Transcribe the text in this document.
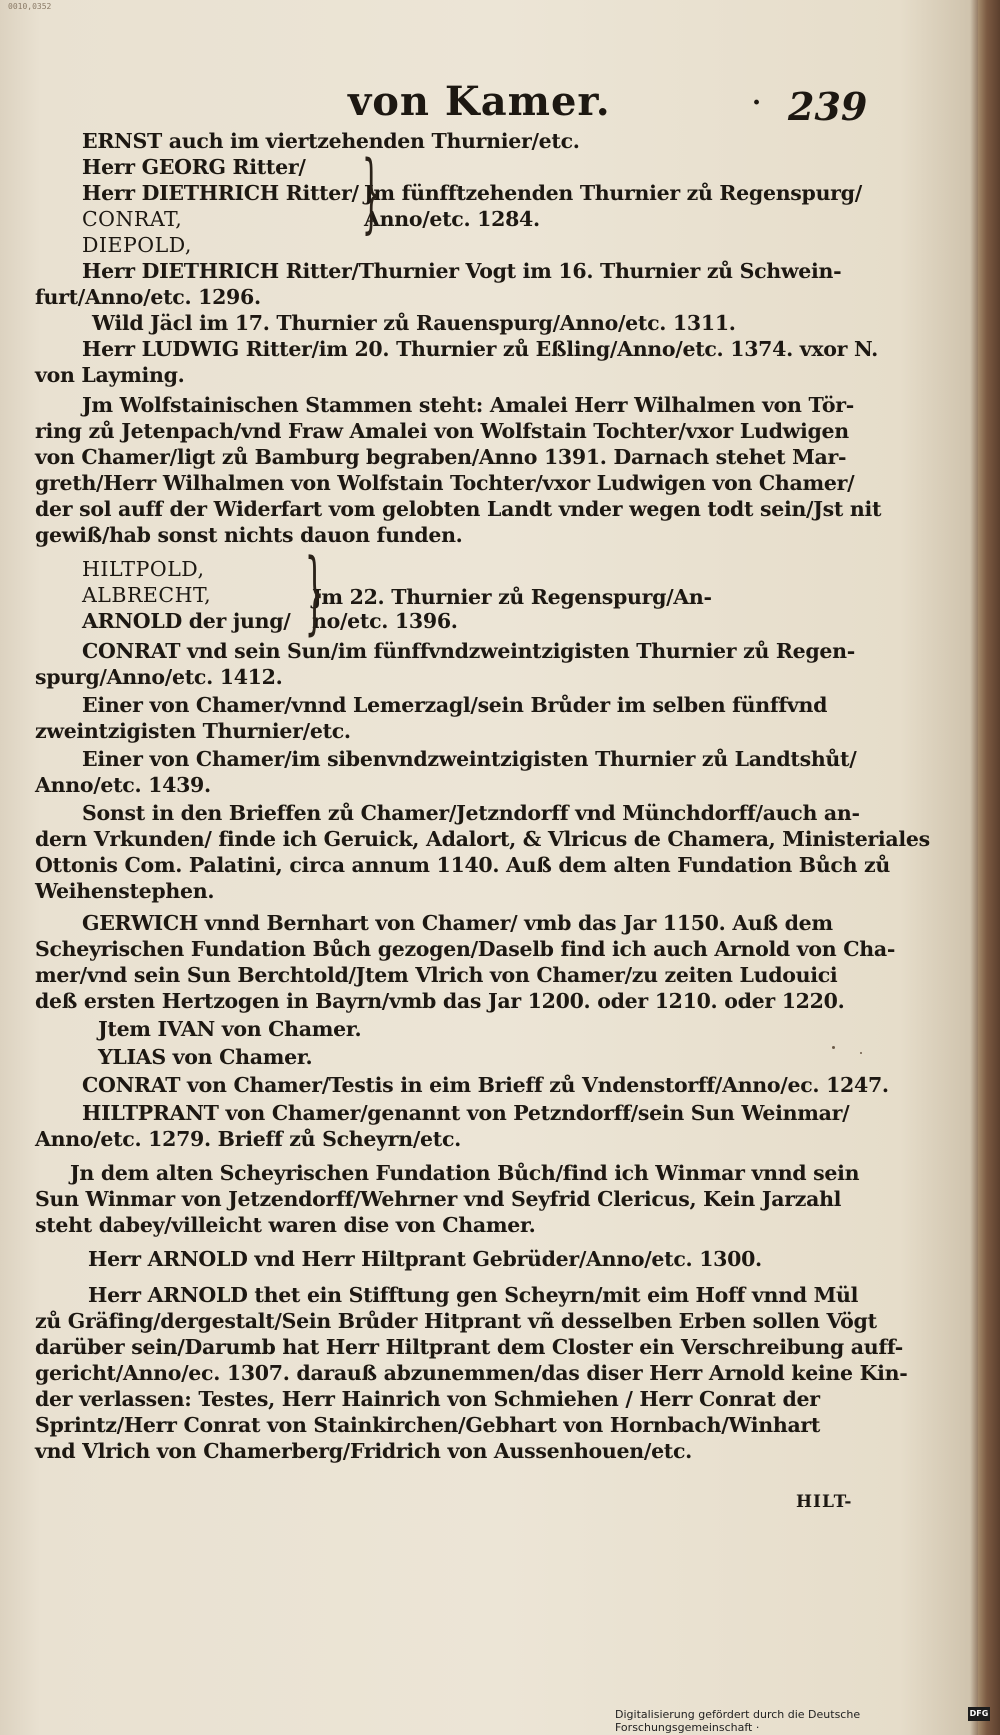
0010,0352
von Kamer.	· 239
ERNST auch im viertzehenden Thurnier/etc.
Herr GEORG Ritter/
Herr DIETHRICH Ritter/ Jm fünfftzehenden Thurnier zů Regenspurg/
CONRAT,	Anno/etc. 1284.
DIEPOLD,
}
Herr DIETHRICH Ritter/Thurnier Vogt im 16. Thurnier zů Schwein-
furt/Anno/etc. 1296.
Wild Jäcl im 17. Thurnier zů Rauenspurg/Anno/etc. 1311.
Herr LUDWIG Ritter/im 20. Thurnier zů Eßling/Anno/etc. 1374. vxor N.
von Layming.
Jm Wolfstainischen Stammen steht: Amalei Herr Wilhalmen von Tör-
ring zů Jetenpach/vnd Fraw Amalei von Wolfstain Tochter/vxor Ludwigen
von Chamer/ligt zů Bamburg begraben/Anno 1391. Darnach stehet Mar-
greth/Herr Wilhalmen von Wolfstain Tochter/vxor Ludwigen von Chamer/
der sol auff der Widerfart vom gelobten Landt vnder wegen todt sein/Jst nit
gewiß/hab sonst nichts dauon funden.
HILTPOLD,
ALBRECHT,	Jm 22. Thurnier zů Regenspurg/An-
ARNOLD der jung/ no/etc. 1396.
}
CONRAT vnd sein Sun/im fünffvndzweintzigisten Thurnier zů Regen-
spurg/Anno/etc. 1412.
Einer von Chamer/vnnd Lemerzagl/sein Brůder im selben fünffvnd
zweintzigisten Thurnier/etc.
Einer von Chamer/im sibenvndzweintzigisten Thurnier zů Landtshůt/
Anno/etc. 1439.
Sonst in den Brieffen zů Chamer/Jetzndorff vnd Münchdorff/auch an-
dern Vrkunden/ finde ich Geruick, Adalort, & Vlricus de Chamera, Ministeriales
Ottonis Com. Palatini, circa annum 1140. Auß dem alten Fundation Bůch zů
Weihenstephen.
GERWICH vnnd Bernhart von Chamer/ vmb das Jar 1150. Auß dem
Scheyrischen Fundation Bůch gezogen/Daselb find ich auch Arnold von Cha-
mer/vnd sein Sun Berchtold/Jtem Vlrich von Chamer/zu zeiten Ludouici
deß ersten Hertzogen in Bayrn/vmb das Jar 1200. oder 1210. oder 1220.
Jtem IVAN von Chamer.
YLIAS von Chamer.
CONRAT von Chamer/Testis in eim Brieff zů Vndenstorff/Anno/ec. 1247.
HILTPRANT von Chamer/genannt von Petzndorff/sein Sun Weinmar/
Anno/etc. 1279. Brieff zů Scheyrn/etc.
Jn dem alten Scheyrischen Fundation Bůch/find ich Winmar vnnd sein
Sun Winmar von Jetzendorff/Wehrner vnd Seyfrid Clericus, Kein Jarzahl
steht dabey/villeicht waren dise von Chamer.
Herr ARNOLD vnd Herr Hiltprant Gebrüder/Anno/etc. 1300.
Herr ARNOLD thet ein Stifftung gen Scheyrn/mit eim Hoff vnnd Mül
zů Gräfing/dergestalt/Sein Brůder Hitprant vñ desselben Erben sollen Vögt
darüber sein/Darumb hat Herr Hiltprant dem Closter ein Verschreibung auff-
gericht/Anno/ec. 1307. darauß abzunemmen/das diser Herr Arnold keine Kin-
der verlassen: Testes, Herr Hainrich von Schmiehen / Herr Conrat der
Sprintz/Herr Conrat von Stainkirchen/Gebhart von Hornbach/Winhart
vnd Vlrich von Chamerberg/Fridrich von Aussenhouen/etc.
HILT-
Digitalisierung gefördert durch die Deutsche Forschungsgemeinschaft ·
DFG
